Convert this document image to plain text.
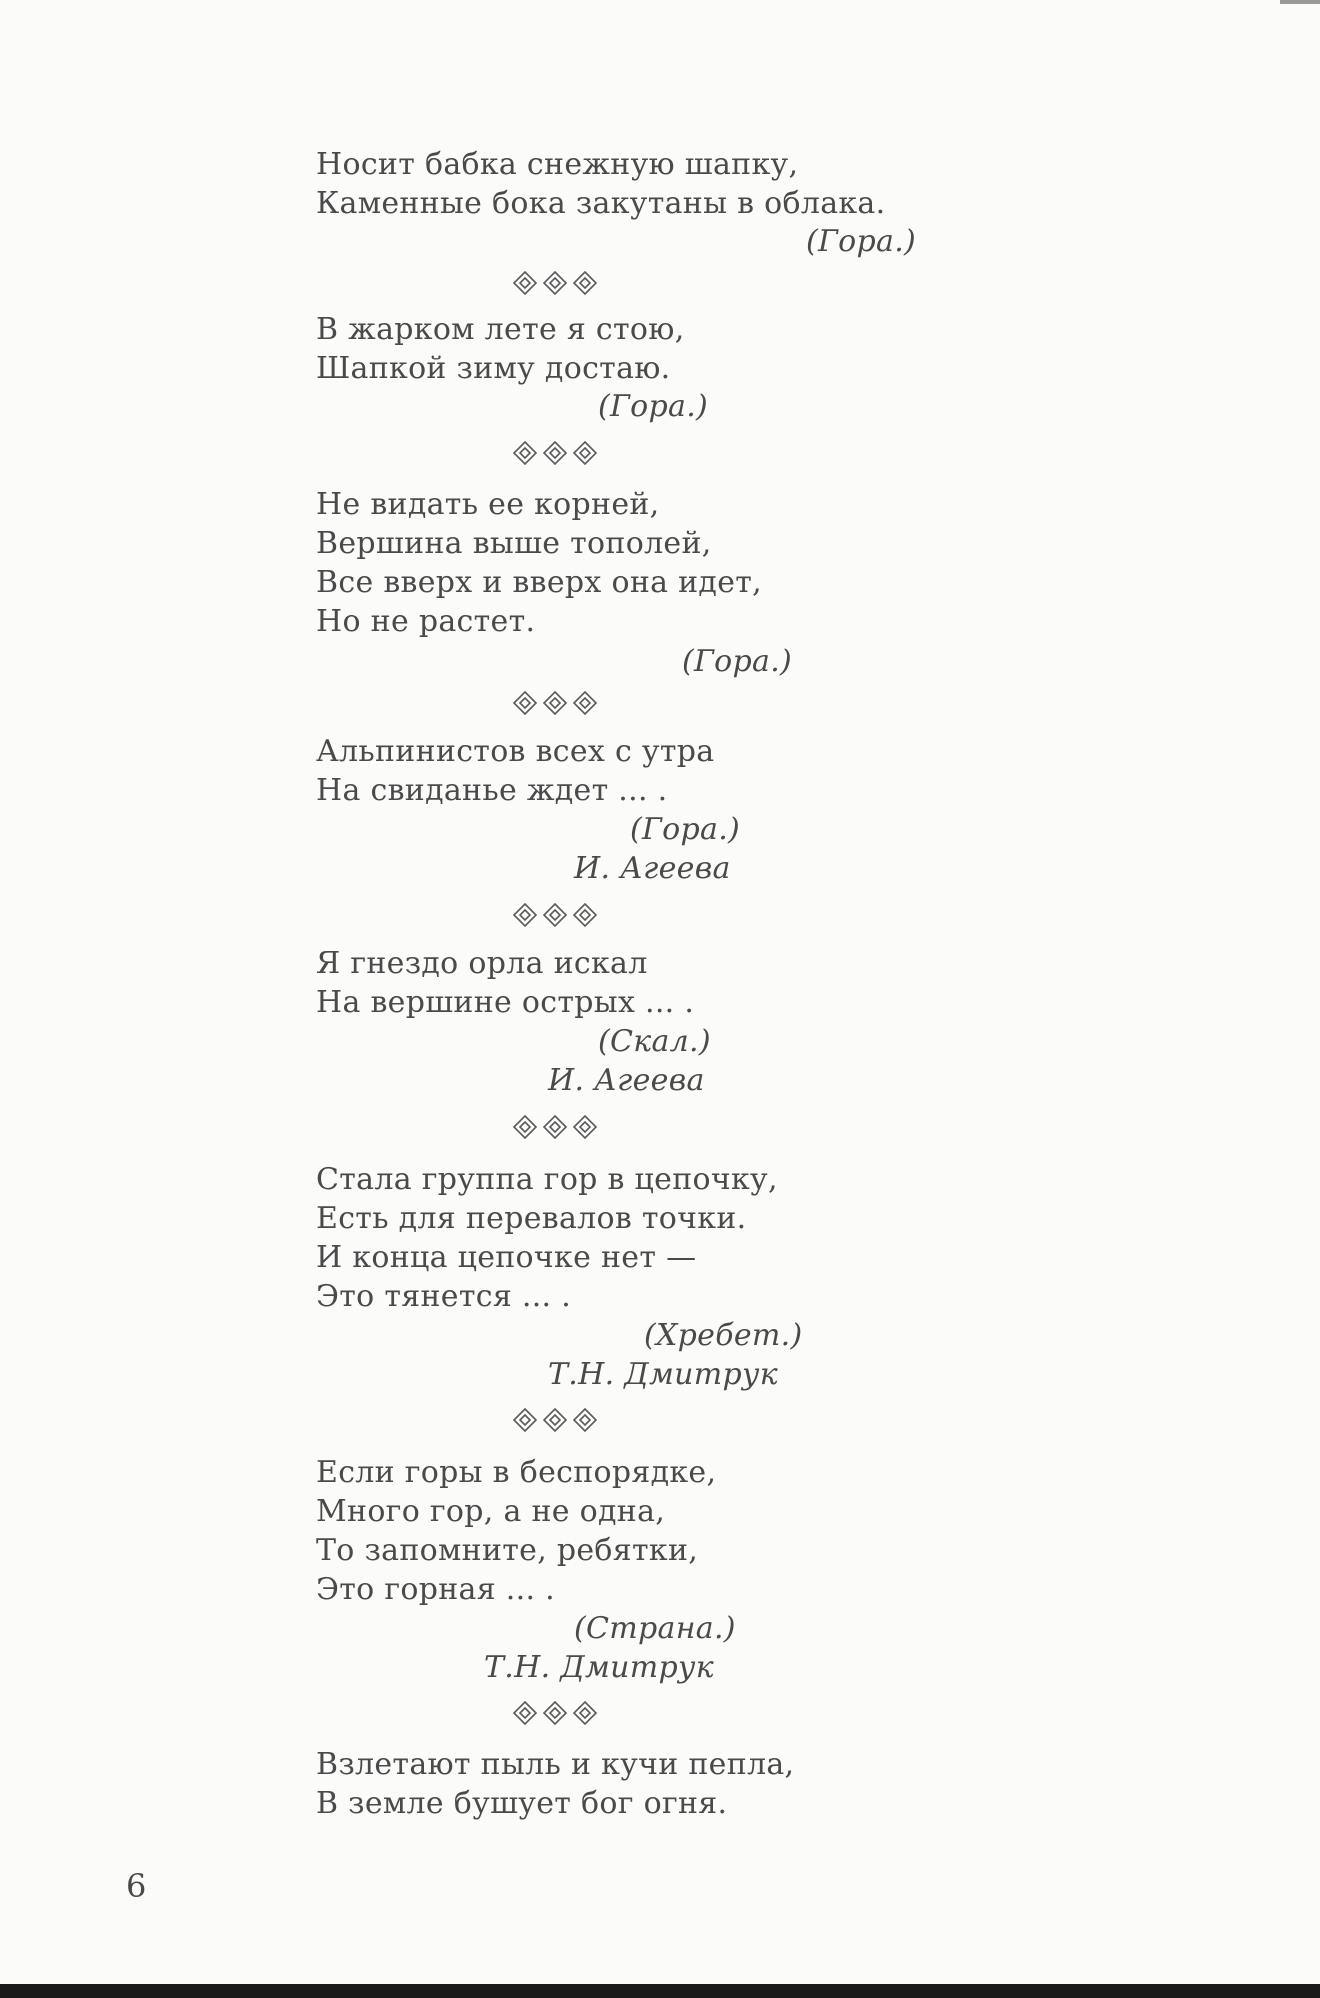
Носит бабка снежную шапку,
Каменные бока закутаны в облака.
(Гора.)
В жарком лете я стою,
Шапкой зиму достаю.
(Гора.)
Не видать ее корней,
Вершина выше тополей,
Все вверх и вверх она идет,
Но не растет.
(Гора.)
Альпинистов всех с утра
На свиданье ждет ... .
(Гора.)
И. Агеева
Я гнездо орла искал
На вершине острых ... .
(Скал.)
И. Агеева
Стала группа гор в цепочку,
Есть для перевалов точки.
И конца цепочке нет —
Это тянется ... .
(Хребет.)
Т.Н. Дмитрук
Если горы в беспорядке,
Много гор, а не одна,
То запомните, ребятки,
Это горная ... .
(Страна.)
Т.Н. Дмитрук
Взлетают пыль и кучи пепла,
В земле бушует бог огня.
6
